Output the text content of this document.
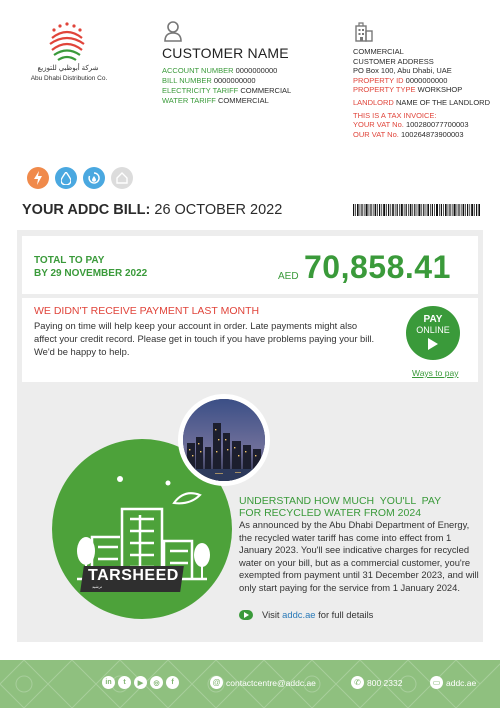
شركة أبوظبي للتوزيع
Abu Dhabi Distribution Co.
CUSTOMER NAME
ACCOUNT NUMBER 0000000000
BILL NUMBER 0000000000
ELECTRICITY TARIFF COMMERCIAL
WATER TARIFF COMMERCIAL
COMMERCIAL
CUSTOMER ADDRESS
PO Box 100, Abu Dhabi, UAE
PROPERTY ID 0000000000
PROPERTY TYPE WORKSHOP
LANDLORD NAME OF THE LANDLORD
THIS IS A TAX INVOICE:
YOUR VAT No. 100280077700003
OUR VAT No. 100264873900003
YOUR ADDC BILL: 26 OCTOBER 2022
TOTAL TO PAY
BY 29 NOVEMBER 2022	AED 70,858.41
WE DIDN'T RECEIVE PAYMENT LAST MONTH
Paying on time will help keep your account in order. Late payments might also affect your credit record. Please get in touch if you have problems paying your bill. We'd be happy to help.
PAY
ONLINE
Ways to pay
TARSHEED
ترشيد
UNDERSTAND HOW MUCH  YOU'LL  PAY
FOR RECYCLED WATER FROM 2024
As announced by the Abu Dhabi Department of Energy, the recycled water tariff has come into effect from 1 January 2023. You'll see indicative charges for recycled water on your bill, but as a commercial customer, you're exempted from payment until 31 December 2023, and will only start paying for the service from 1 January 2024.
Visit addc.ae for full details
in	t	▶	◎	f	@ contactcentre@addc.ae	✆ 800 2332	▭ addc.ae
